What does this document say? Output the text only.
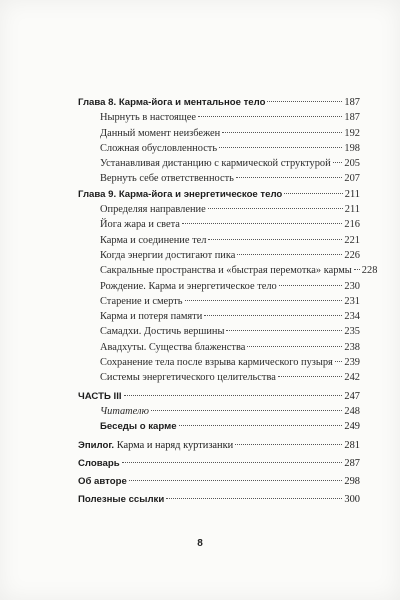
Глава 8. Карма-йога и ментальное тело	187
Нырнуть в настоящее	187
Данный момент неизбежен	192
Сложная обусловленность	198
Устанавливая дистанцию с кармической структурой 205
Вернуть себе ответственность	207
Глава 9. Карма-йога и энергетическое тело	211
Определяя направление	211
Йога жара и света	216
Карма и соединение тел	221
Когда энергии достигают пика	226
Сакральные пространства и «быстрая перемотка» кармы 228
Рождение. Карма и энергетическое тело	230
Старение и смерть	231
Карма и потеря памяти	234
Самадхи. Достичь вершины	235
Авадхуты. Существа блаженства	238
Сохранение тела после взрыва кармического пузыря 239
Системы энергетического целительства	242
ЧАСТЬ III	247
Читателю	248
Беседы о карме	249
Эпилог. Карма и наряд куртизанки	281
Словарь	287
Об авторе	298
Полезные ссылки	300
8
